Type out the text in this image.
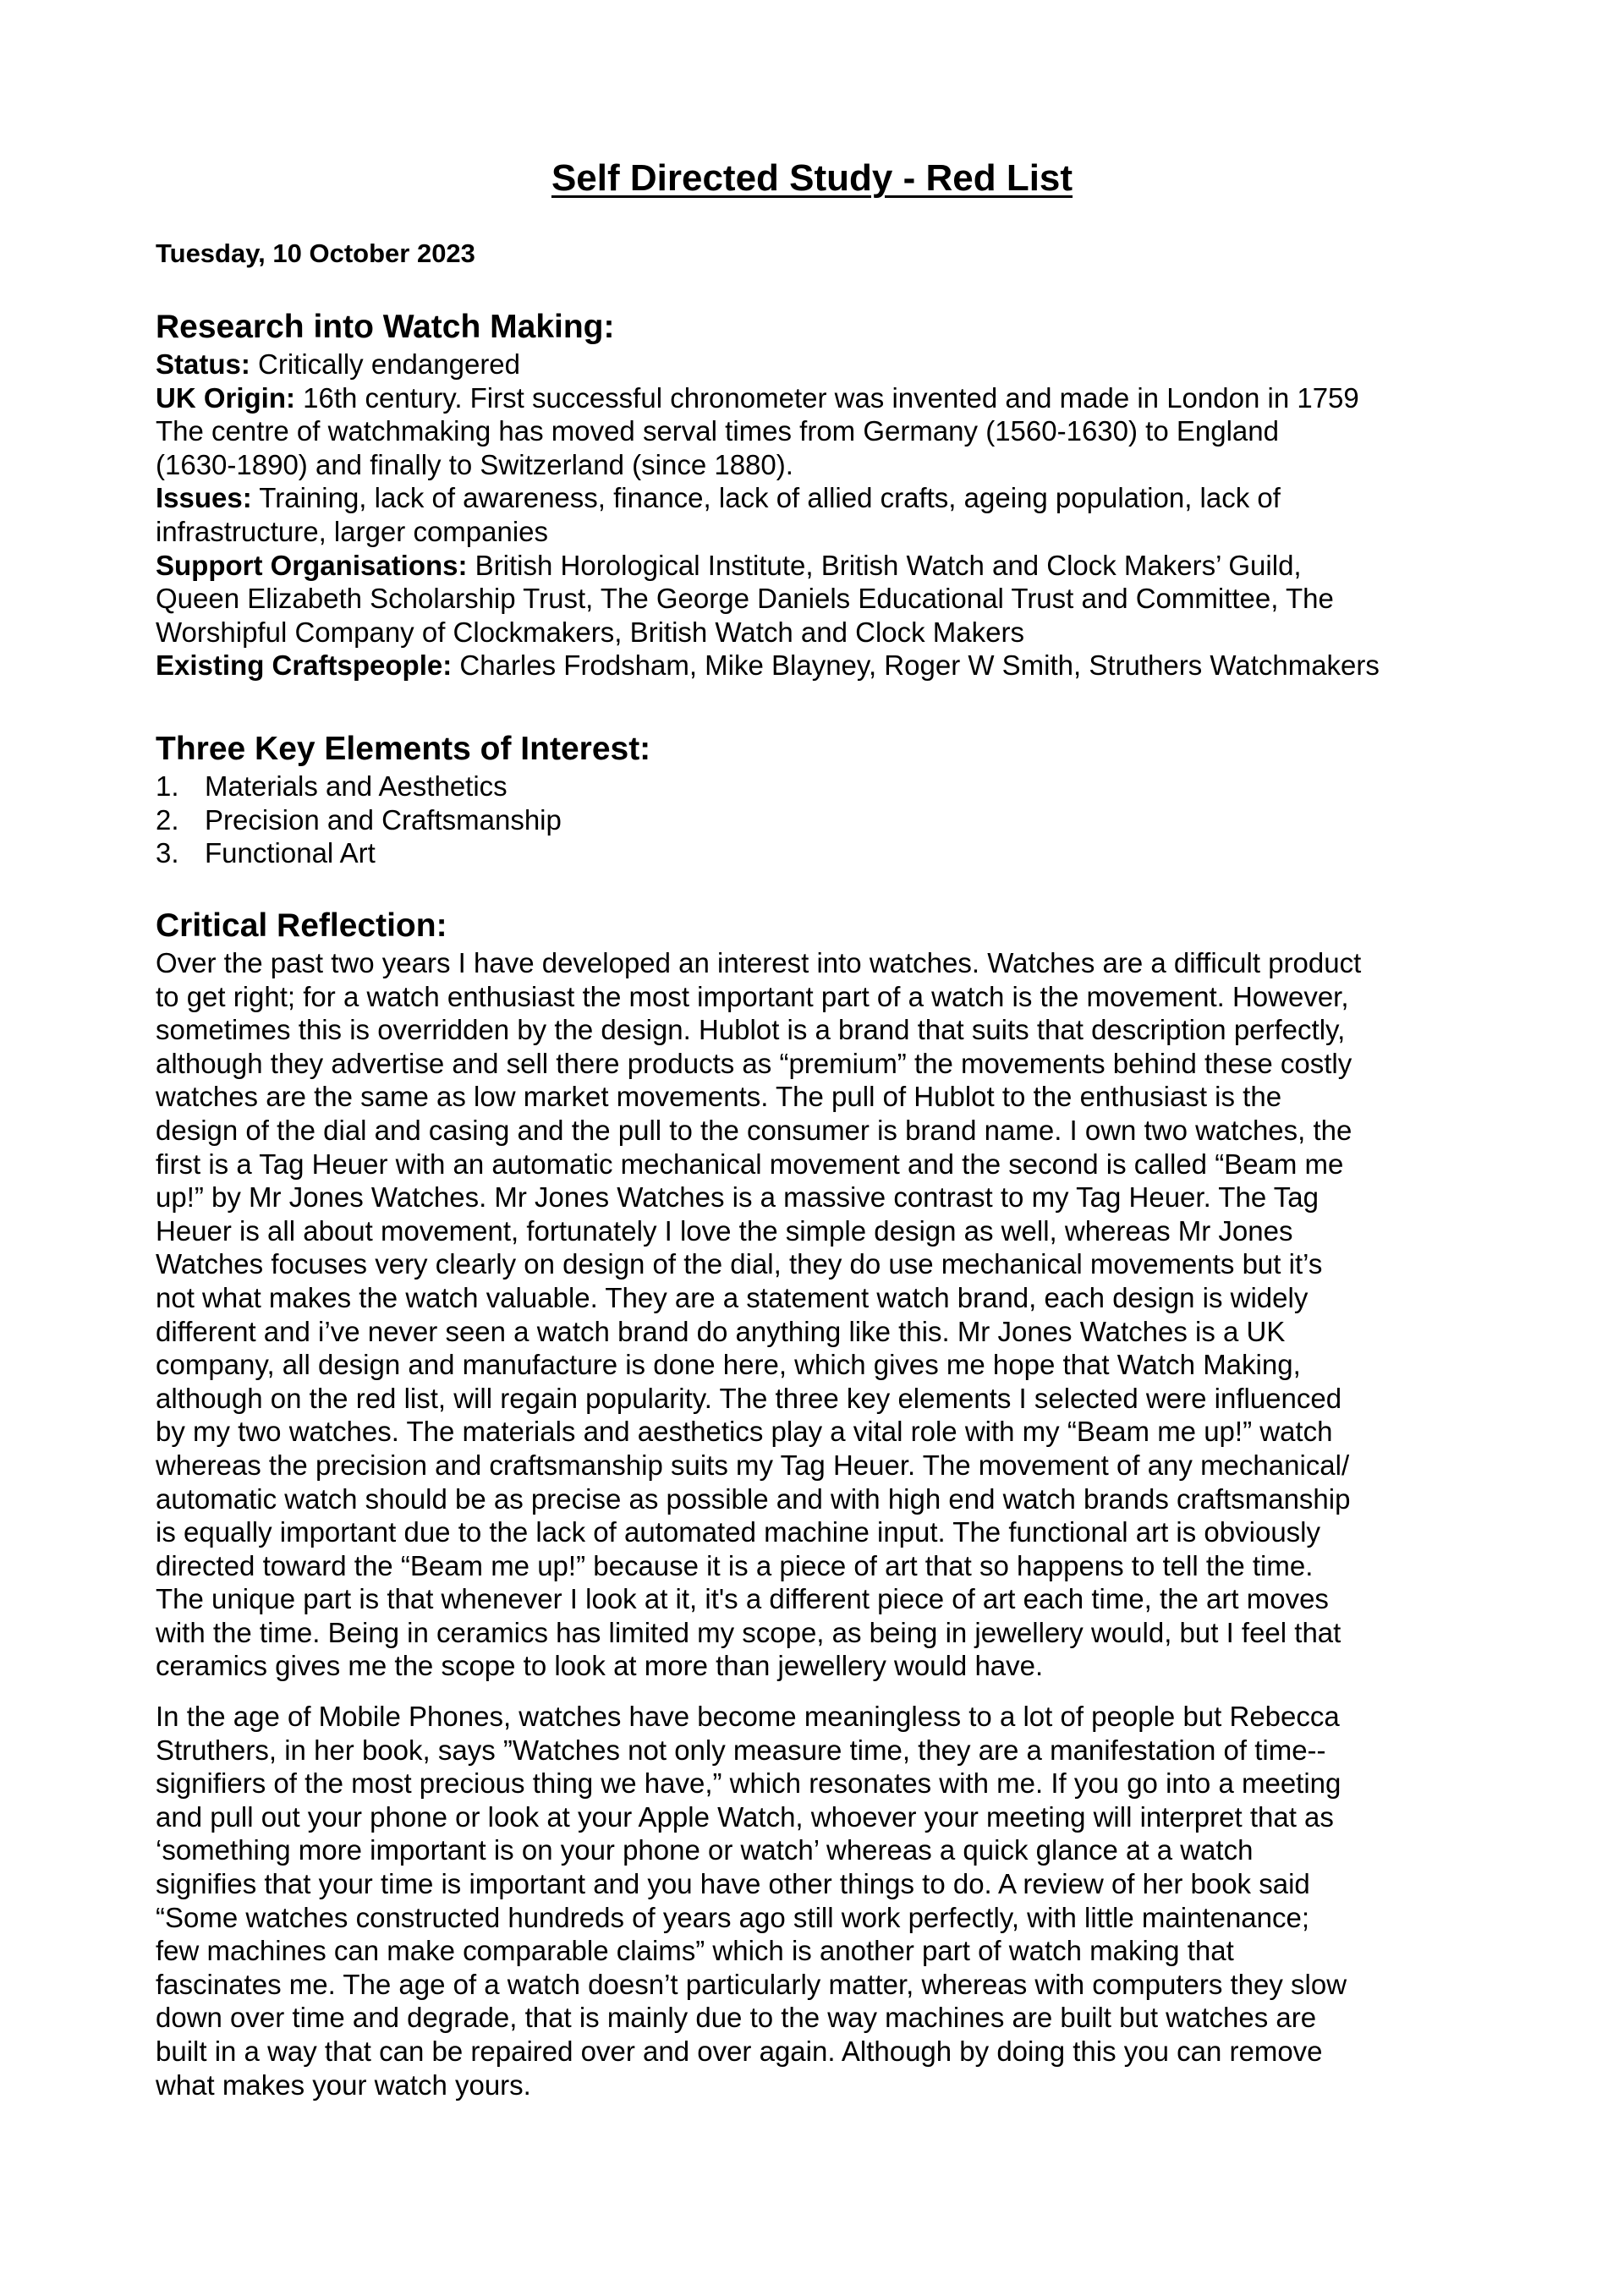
Self Directed Study - Red List
Tuesday, 10 October 2023

Research into Watch Making:

Status: Critically endangered

UK Origin: 16th century. First successful chronometer was invented and made in London in 1759

The centre of watchmaking has moved serval times from Germany (1560-1630) to England

(1630-1890) and finally to Switzerland (since 1880).

Issues: Training, lack of awareness, finance, lack of allied crafts, ageing population, lack of

infrastructure, larger companies

Support Organisations: British Horological Institute, British Watch and Clock Makers’ Guild,

Queen Elizabeth Scholarship Trust, The George Daniels Educational Trust and Committee, The

Worshipful Company of Clockmakers, British Watch and Clock Makers

Existing Craftspeople: Charles Frodsham, Mike Blayney, Roger W Smith, Struthers Watchmakers

Three Key Elements of Interest:

1. Materials and Aesthetics

2. Precision and Craftsmanship

3. Functional Art

Critical Reflection:

Over the past two years I have developed an interest into watches. Watches are a difficult product

to get right; for a watch enthusiast the most important part of a watch is the movement. However,

sometimes this is overridden by the design. Hublot is a brand that suits that description perfectly,

although they advertise and sell there products as “premium” the movements behind these costly

watches are the same as low market movements. The pull of Hublot to the enthusiast is the

design of the dial and casing and the pull to the consumer is brand name. I own two watches, the

first is a Tag Heuer with an automatic mechanical movement and the second is called “Beam me

up!” by Mr Jones Watches. Mr Jones Watches is a massive contrast to my Tag Heuer. The Tag

Heuer is all about movement, fortunately I love the simple design as well, whereas Mr Jones

Watches focuses very clearly on design of the dial, they do use mechanical movements but it’s

not what makes the watch valuable. They are a statement watch brand, each design is widely

different and i’ve never seen a watch brand do anything like this. Mr Jones Watches is a UK

company, all design and manufacture is done here, which gives me hope that Watch Making,

although on the red list, will regain popularity. The three key elements I selected were influenced

by my two watches. The materials and aesthetics play a vital role with my “Beam me up!” watch

whereas the precision and craftsmanship suits my Tag Heuer. The movement of any mechanical/

automatic watch should be as precise as possible and with high end watch brands craftsmanship

is equally important due to the lack of automated machine input. The functional art is obviously

directed toward the “Beam me up!” because it is a piece of art that so happens to tell the time.

The unique part is that whenever I look at it, it's a different piece of art each time, the art moves

with the time. Being in ceramics has limited my scope, as being in jewellery would, but I feel that

ceramics gives me the scope to look at more than jewellery would have.

In the age of Mobile Phones, watches have become meaningless to a lot of people but Rebecca

Struthers, in her book, says ”Watches not only measure time, they are a manifestation of time--

signifiers of the most precious thing we have,” which resonates with me. If you go into a meeting

and pull out your phone or look at your Apple Watch, whoever your meeting will interpret that as

‘something more important is on your phone or watch’ whereas a quick glance at a watch

signifies that your time is important and you have other things to do. A review of her book said

“Some watches constructed hundreds of years ago still work perfectly, with little maintenance;

few machines can make comparable claims” which is another part of watch making that

fascinates me. The age of a watch doesn’t particularly matter, whereas with computers they slow

down over time and degrade, that is mainly due to the way machines are built but watches are

built in a way that can be repaired over and over again. Although by doing this you can remove

what makes your watch yours.
